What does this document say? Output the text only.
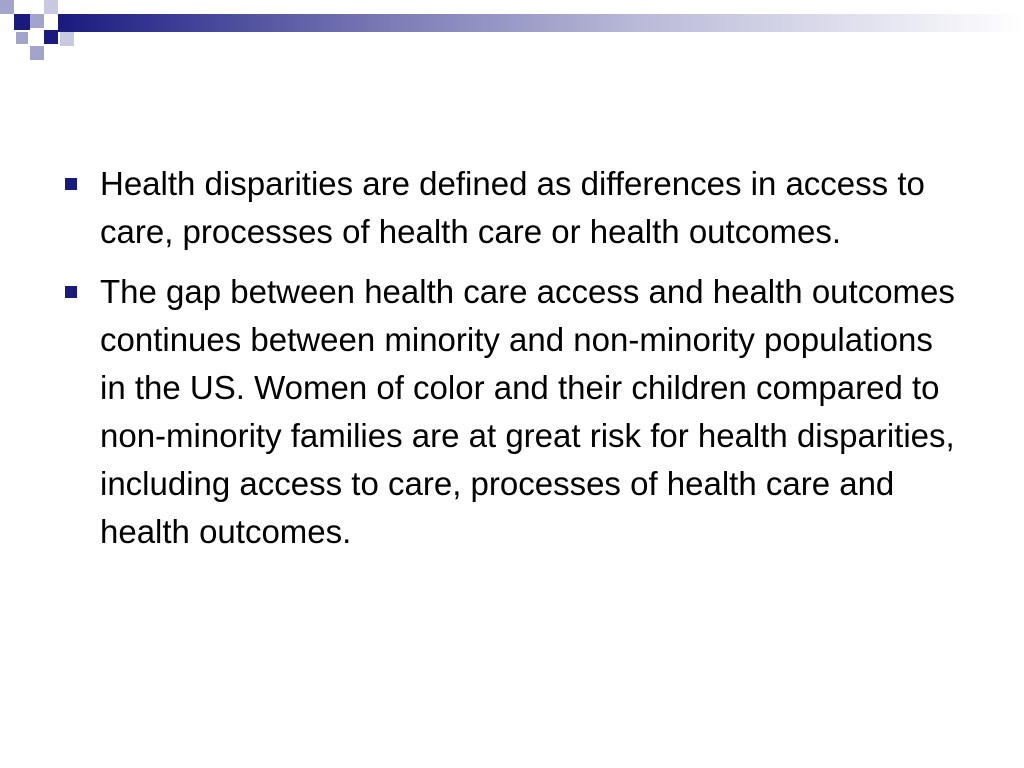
Health disparities are defined as differences in access to care, processes of health care or health outcomes.
The gap between health care access and health outcomes continues between minority and non-minority populations in the US. Women of color and their children compared to non-minority families are at great risk for health disparities, including access to care, processes of health care and health outcomes.
